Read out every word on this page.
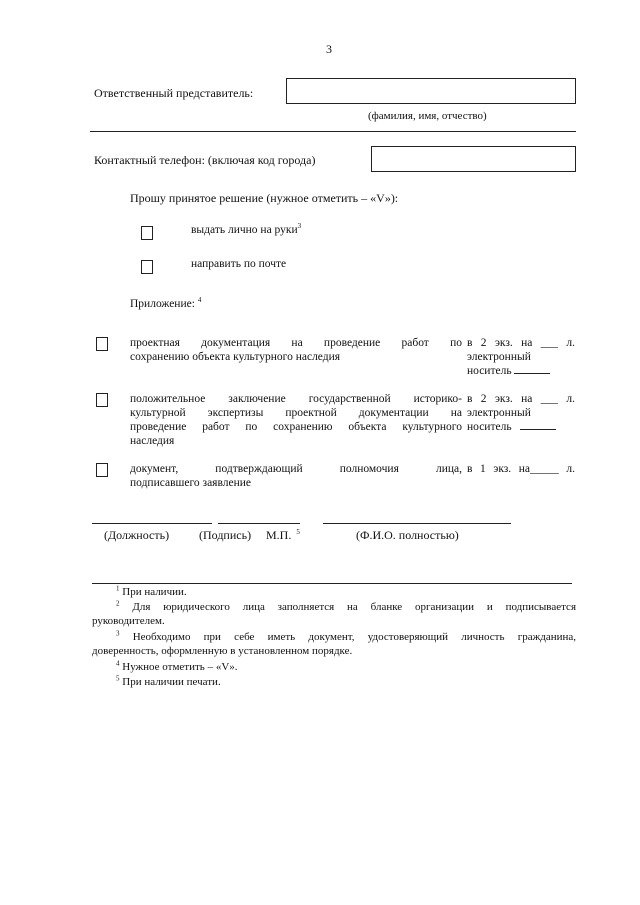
3
Ответственный представитель:
(фамилия, имя, отчество)
Контактный телефон: (включая код города)
Прошу принятое решение (нужное отметить – «V»):
выдать лично на руки$^3$
направить по почте
Приложение: $^4$
проектная документация на проведение работ по
сохранению объекта культурного наследия
в 2 экз. на ___ л.
электронный
носитель
положительное заключение государственной историко-
культурной экспертизы проектной документации на
проведение работ по сохранению объекта культурного
наследия
в 2 экз. на ___ л.
электронный
носитель
документ, подтверждающий полномочия лица,
подписавшего заявление
в 1 экз. на_____ л.
(Должность) (Подпись) М.П. $^5$	(Ф.И.О. полностью)
$^1$ При наличии.
$^2$ Для юридического лица заполняется на бланке организации и подписывается
руководителем.
$^3$ Необходимо при себе иметь документ, удостоверяющий личность гражданина,
доверенность, оформленную в установленном порядке.
$^4$ Нужное отметить – «V».
$^5$ При наличии печати.
